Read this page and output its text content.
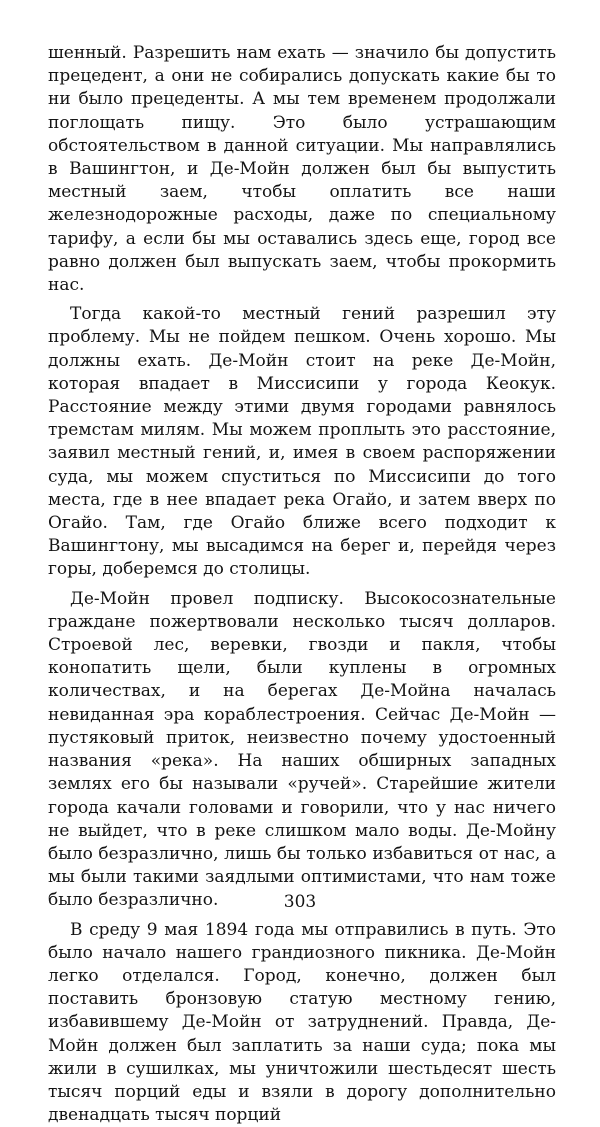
шенный. Разрешить нам ехать — значило бы допустить прецедент, а они не собирались допускать какие бы то ни было прецеденты. А мы тем временем продолжали поглощать пищу. Это было устрашающим обстоятельством в данной ситуации. Мы направлялись в Вашингтон, и Де-Мойн должен был бы выпустить местный заем, чтобы оплатить все наши железнодорожные расходы, даже по специальному тарифу, а если бы мы оставались здесь еще, город все равно должен был выпускать заем, чтобы прокормить нас.

Тогда какой-то местный гений разрешил эту проблему. Мы не пойдем пешком. Очень хорошо. Мы должны ехать. Де-Мойн стоит на реке Де-Мойн, которая впадает в Миссисипи у города Кеокук. Расстояние между этими двумя городами равнялось тремстам милям. Мы можем проплыть это расстояние, заявил местный гений, и, имея в своем распоряжении суда, мы можем спуститься по Миссисипи до того места, где в нее впадает река Огайо, и затем вверх по Огайо. Там, где Огайо ближе всего подходит к Вашингтону, мы высадимся на берег и, перейдя через горы, доберемся до столицы.

Де-Мойн провел подписку. Высокосознательные граждане пожертвовали несколько тысяч долларов. Строевой лес, веревки, гвозди и пакля, чтобы конопатить щели, были куплены в огромных количествах, и на берегах Де-Мойна началась невиданная эра кораблестроения. Сейчас Де-Мойн — пустяковый приток, неизвестно почему удостоенный названия «река». На наших обширных западных землях его бы называли «ручей». Старейшие жители города качали головами и говорили, что у нас ничего не выйдет, что в реке слишком мало воды. Де-Мойну было безразлично, лишь бы только избавиться от нас, а мы были такими заядлыми оптимистами, что нам тоже было безразлично.

В среду 9 мая 1894 года мы отправились в путь. Это было начало нашего грандиозного пикника. Де-Мойн легко отделался. Город, конечно, должен был поставить бронзовую статую местному гению, избавившему Де-Мойн от затруднений. Правда, Де-Мойн должен был заплатить за наши суда; пока мы жили в сушилках, мы уничтожили шестьдесят шесть тысяч порций еды и взяли в дорогу дополнительно двенадцать тысяч порций

303
